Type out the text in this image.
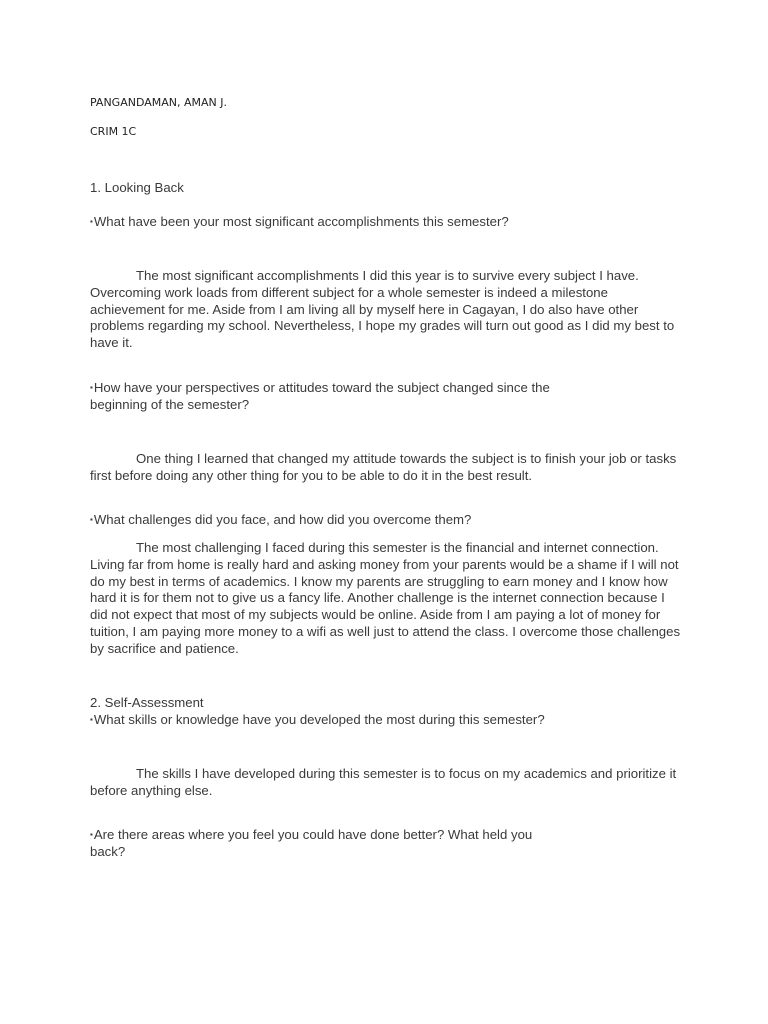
PANGANDAMAN, AMAN J.

CRIM 1C

1. Looking Back

▪What have been your most significant accomplishments this semester?

The most significant accomplishments I did this year is to survive every subject I have. Overcoming work loads from different subject for a whole semester is indeed a milestone achievement for me. Aside from I am living all by myself here in Cagayan, I do also have other problems regarding my school. Nevertheless, I hope my grades will turn out good as I did my best to have it.

▪How have your perspectives or attitudes toward the subject changed since the
beginning of the semester?

One thing I learned that changed my attitude towards the subject is to finish your job or tasks first before doing any other thing for you to be able to do it in the best result.

▪What challenges did you face, and how did you overcome them?

The most challenging I faced during this semester is the financial and internet connection. Living far from home is really hard and asking money from your parents would be a shame if I will not do my best in terms of academics. I know my parents are struggling to earn money and I know how hard it is for them not to give us a fancy life. Another challenge is the internet connection because I did not expect that most of my subjects would be online. Aside from I am paying a lot of money for tuition, I am paying more money to a wifi as well just to attend the class. I overcome those challenges by sacrifice and patience.

2. Self-Assessment

▪What skills or knowledge have you developed the most during this semester?

The skills I have developed during this semester is to focus on my academics and prioritize it before anything else.

▪Are there areas where you feel you could have done better? What held you
back?
